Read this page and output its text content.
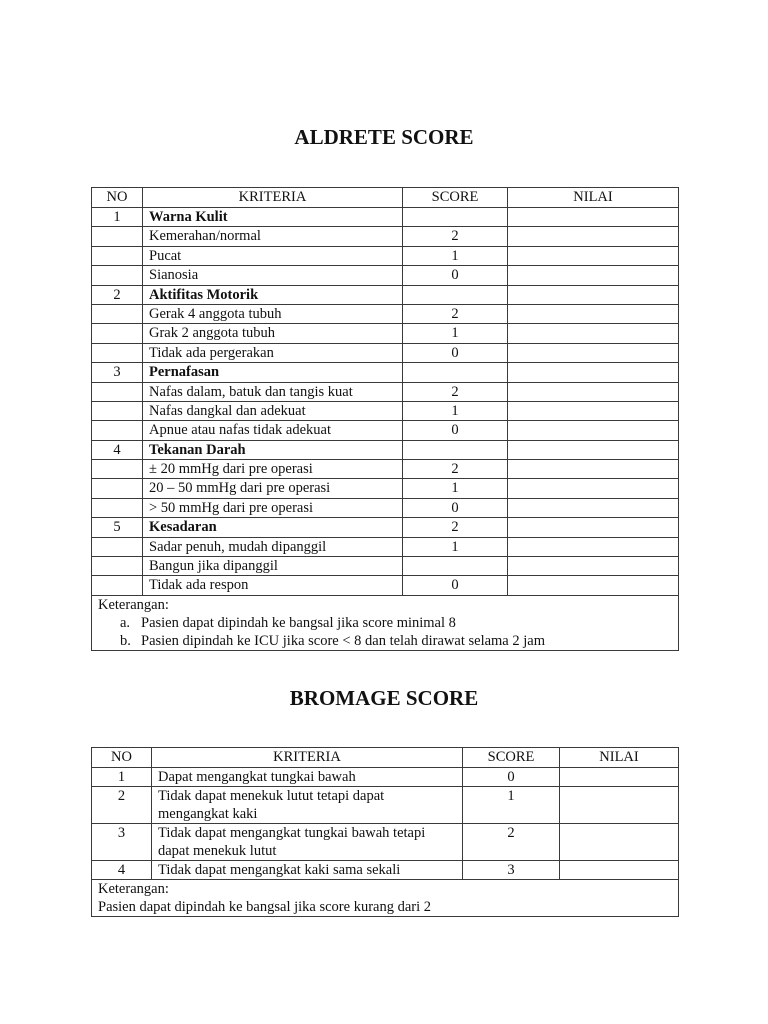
ALDRETE SCORE
NO	KRITERIA	SCORE	NILAI
1	Warna Kulit		
	Kemerahan/normal	2	
	Pucat	1	
	Sianosia	0	
2	Aktifitas Motorik		
	Gerak 4 anggota tubuh	2	
	Grak 2 anggota tubuh	1	
	Tidak ada pergerakan	0	
3	Pernafasan		
	Nafas dalam, batuk dan tangis kuat	2	
	Nafas dangkal dan adekuat	1	
	Apnue atau nafas tidak adekuat	0	
4	Tekanan Darah		
	± 20 mmHg dari pre operasi	2	
	20 – 50 mmHg dari pre operasi	1	
	> 50 mmHg dari pre operasi	0	
5	Kesadaran	2	
	Sadar penuh, mudah dipanggil	1	
	Bangun jika dipanggil		
	Tidak ada respon	0	

Keterangan:
a. Pasien dapat dipindah ke bangsal jika score minimal 8
b. Pasien dipindah ke ICU jika score < 8 dan telah dirawat selama 2 jam			
BROMAGE SCORE
NO	KRITERIA	SCORE	NILAI
1	Dapat mengangkat tungkai bawah	0	
2	Tidak dapat menekuk lutut tetapi dapat mengangkat kaki	1	
3	Tidak dapat mengangkat tungkai bawah tetapi dapat menekuk lutut	2	
4	Tidak dapat mengangkat kaki sama sekali	3	

Keterangan:
Pasien dapat dipindah ke bangsal jika score kurang dari 2			
